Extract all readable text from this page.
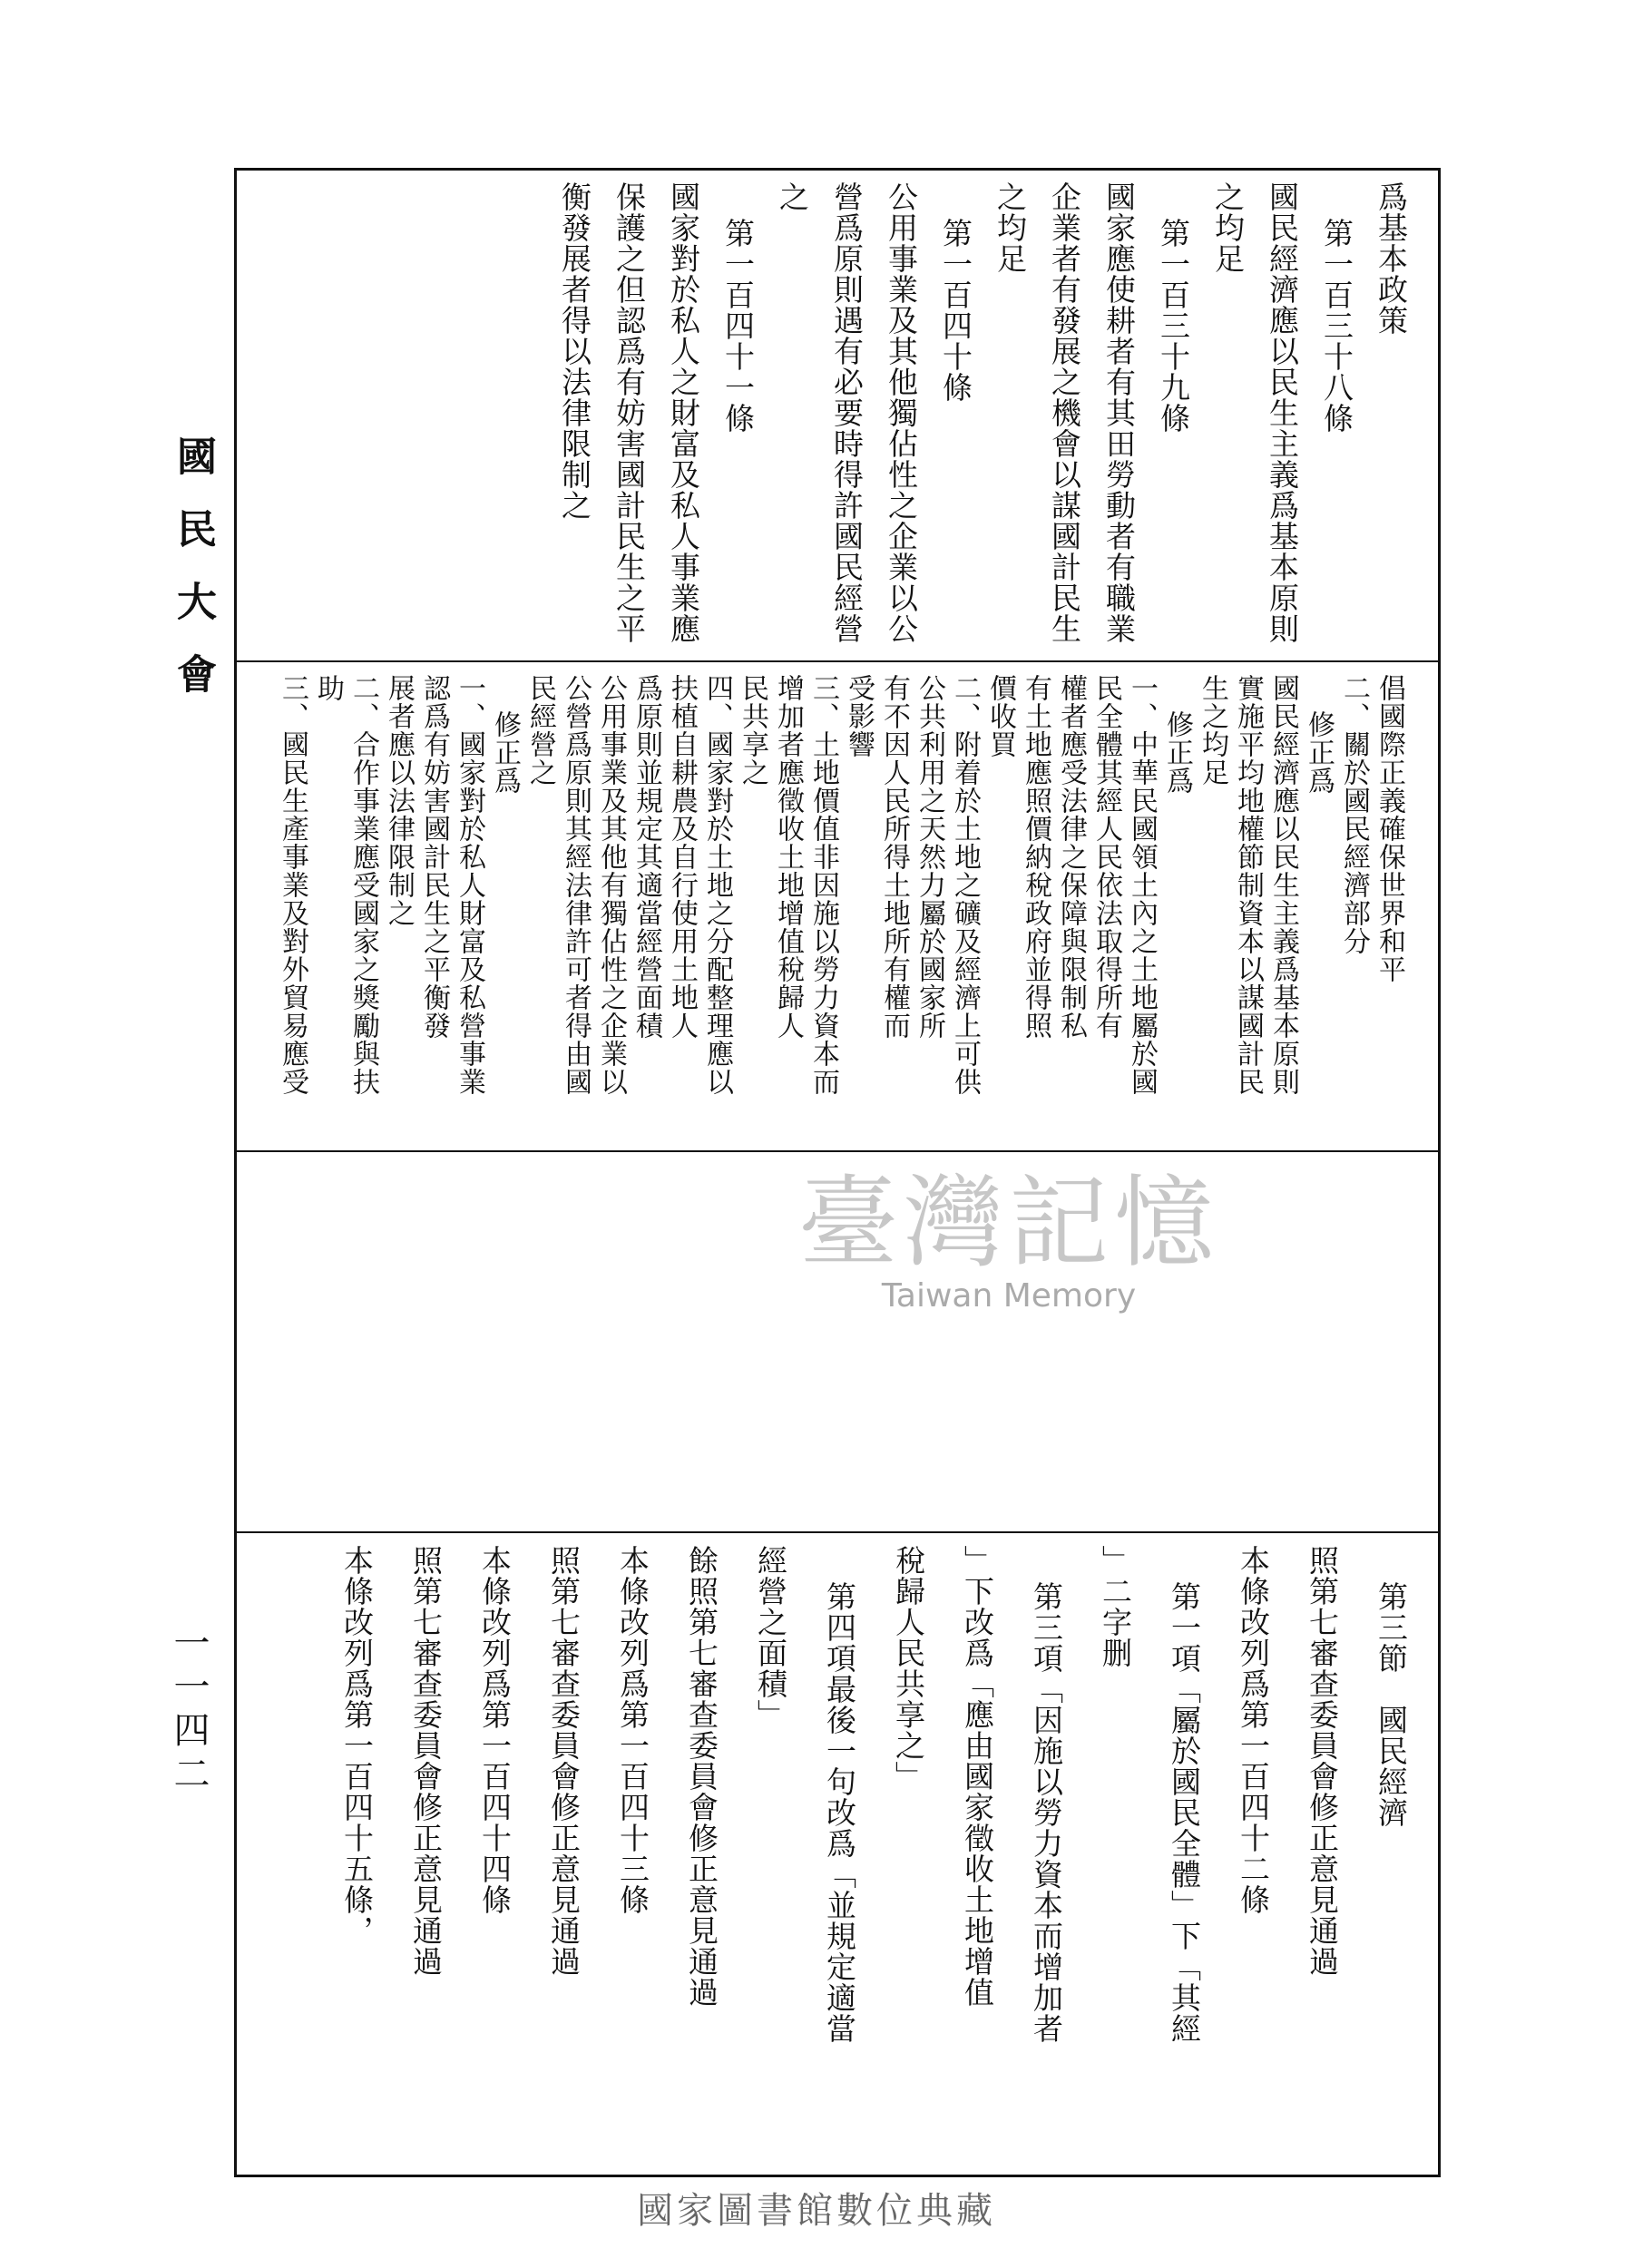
國民大會
一一四二
爲基本政策
第一百三十八條
國民經濟應以民生主義爲基本原則
之均足
第一百三十九條
國家應使耕者有其田勞動者有職業
企業者有發展之機會以謀國計民生
之均足
第一百四十條
公用事業及其他獨佔性之企業以公
營爲原則遇有必要時得許國民經營
之
第一百四十一條
國家對於私人之財富及私人事業應
保護之但認爲有妨害國計民生之平
衡發展者得以法律限制之
倡國際正義確保世界和平
二、關於國民經濟部分
修正爲
國民經濟應以民生主義爲基本原則
實施平均地權節制資本以謀國計民
生之均足
修正爲
一、中華民國領土內之土地屬於國
民全體其經人民依法取得所有
權者應受法律之保障與限制私
有土地應照價納稅政府並得照
價收買
二、附着於土地之礦及經濟上可供
公共利用之天然力屬於國家所
有不因人民所得土地所有權而
受影響
三、土地價值非因施以勞力資本而
增加者應徵收土地增值稅歸人
民共享之
四、國家對於土地之分配整理應以
扶植自耕農及自行使用土地人
爲原則並規定其適當經營面積
公用事業及其他有獨佔性之企業以
公營爲原則其經法律許可者得由國
民經營之
修正爲
一、國家對於私人財富及私營事業
認爲有妨害國計民生之平衡發
展者應以法律限制之
二、合作事業應受國家之獎勵與扶
助
三、國民生產事業及對外貿易應受
第三節　國民經濟
照第七審查委員會修正意見通過
本條改列爲第一百四十二條
第一項「屬於國民全體」下「其經
」二字删
第三項「因施以勞力資本而增加者
」下改爲「應由國家徵收土地增值
稅歸人民共享之」
第四項最後一句改爲「並規定適當
經營之面積」
餘照第七審查委員會修正意見通過
本條改列爲第一百四十三條
照第七審查委員會修正意見通過
本條改列爲第一百四十四條
照第七審查委員會修正意見通過
本條改列爲第一百四十五條，
臺灣記憶
Taiwan Memory
國家圖書館數位典藏
